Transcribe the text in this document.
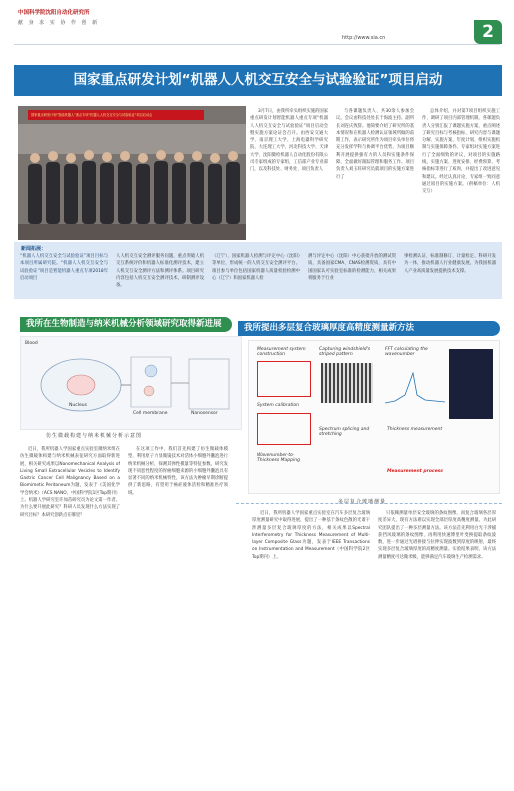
中国科学院沈阳自动化研究所
献 身 求 实 协 作 创 新
http://www.sia.cn	2
国家重点研发计划“机器人人机交互安全与试验验证”项目启动
国家重点研发计划“智能机器人”重点专项“机器人人机交互安全与试验验证”项目启动会

3月7日，由我所牵头组织实施的国家重点研发计划智能机器人重点专项“机器人人机交互安全与试验验证”项目启动会暨实施方案论证会召开。由西安交通大学、南京理工大学、上海电器科学研究院、大连理工大学、河北科技大学、天津大学、沈阳微检机器人自动化股份有限公司专家组成的专家组，工信部产业专业部门，以及科技处、财务处、项目负责人

与各课题负责人、共30余人参加会议。会议由科技处处长于海波主持。副所长刘连庆致辞。他简要介绍了研究所的基本情况和在机器人检测认证领域所做的前期工作，表示研究所作为项目牵头单位将充分发挥学科与协调平台优势，为项目顺利开展提供强有力的人员和实施条件保障，全面做好跟踪管理和服务工作。项目负责人刘玉旺研究员就项目的实施方案进行了

总体介绍，并对第7项目组织实施工作、调研了项目内部管理机制。各课题负责人分别汇报了课题实施方案，重点阐述了研究目标与考核指标、研究内容与课题分解、实施方案、年度计划、组织实施机制与实施保障条件。专家组对实施方案进行了全面细致的评议，对项目的实施路线、实施方案、进度安排、经费预算、考核指标等进行了质询，并提出了改进意见和建议。经过认真讨论，专家组一致同意通过项目的实施方案。（供稿单位：人机交互）

新闻拓展：

“机器人人机交互安全与试验验证”项目目标与本项目所属研究院。“机器人人机交互安全与试验验证”项目是智能机器人重点专项2018年启动项目

人人机交互安全测评服务问题，重点突破人机交互系统评价和机器人标准化测评技术，建立人机交互安全测评方法和测评体系。项目研究内容包括人机交互安全测评技术，研制测评设备。

（辽宁）、国家机器人检测与评定中心（沈阳）等单位，形成统一的人机交互安全测评平台。项目参与单位包括国家机器人质量检验检测中心（辽宁）和国家机器人检

测与评定中心（沈阳）中心获批开放的测试资质，具备国家CMA、CNAS检测资质，具有中国国家认可实验室标准的检测能力，相关成果将服务于行业

事检测认证、标准制修订、计量检定、科研开发为一体，推动机器人行业健康发展，为我国机器人产业高质量发展提供技术支撑。

我所在生物制造与纳米机械分析领域研究取得新进展
Blood
Nucleus
Cell membrane	Nanosensor
仿生微载构建与纳米机械分析示意图

近日，我所机器人学国家重点实验室微纳米组在仿生微载体构建与纳米机械表征研究方面取得新进展，相关研究成果以Nanomechanical Analysis of Living Small Extracellular Vesicles to Identify Gastric Cancer Cell Malignancy Based on a Biomimetic Peritoneum为题，发表于《美国化学学会纳米》（ACS NANO，中国科学院1区Top期刊）上。机器人学研究室许加苗研究员为论文第一作者。为什么要开展此研究？科研人员发现什么方法实现了研究目标？本研究创新点在哪里？

在这项工作中，我们首先构建了仿生微载体模型，利用原子力显微镜技术对活体小细胞外囊泡进行纳米机械分析，探测其弹性模量等特征参数。研究发现不同恶性程度的胃癌细胞来源的小细胞外囊泡具有显著不同的纳米机械特性，该方法为肿瘤早期诊断提供了新思路，有望用于癌症液体活检和精准医疗领域。

我所提出多层复合玻璃厚度高精度测量新方法
Measurement system construction
System calibration
Wavenumber-to-Thickness Mapping
Capturing windshield's striped pattern
Spectrum splicing and stretching
FFT calculating the wavenumber
Thickness measurement
Measurement process
多层复合玻璃测量

近日，我所机器人学国家重点实验室在汽车多层复合玻璃厚度测量研究中取得进展，提出了一种基于条纹色散的光谱干涉测量多层复合玻璃厚度的方法，相关成果以Spectral Interferometry for Thickness Measurement of Multi-layer Composite Glass为题，发表于IEEE Transactions on Instrumentation and Measurement（中国科学院2区Top期刊）上。

只依赖测量单层安全玻璃的条纹图像，而复合玻璃各层厚度差异大，现有方法难以实现全部层厚度高精度测量。为此研究团队提出了一种多层测量方法。该方法首先利用白光干涉捕获挡风玻璃的条纹图像，再利用快速傅里叶变换提取条纹波数，进一步通过光谱拼接与拉伸实现波数到厚度的映射，最终实现多层复合玻璃厚度的高精度测量。实验结果表明，该方法测量精度可达微米级，能够满足汽车玻璃生产检测需求。
